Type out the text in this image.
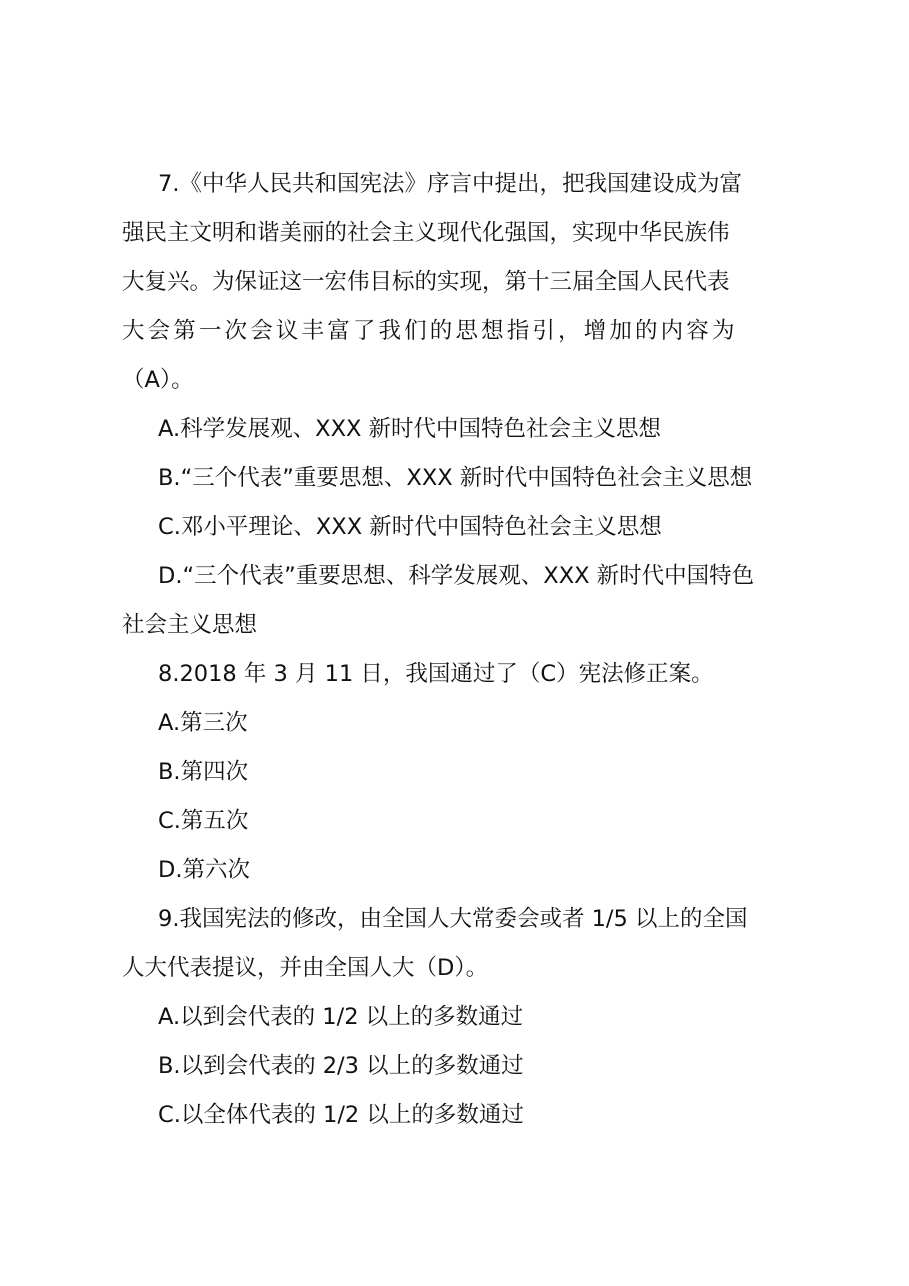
7.《中华人民共和国宪法》序言中提出，把我国建设成为富

强民主文明和谐美丽的社会主义现代化强国，实现中华民族伟

大复兴。为保证这一宏伟目标的实现，第十三届全国人民代表

大会第一次会议丰富了我们的思想指引，增加的内容为

（A）。

A.科学发展观、XXX 新时代中国特色社会主义思想

B.“三个代表”重要思想、XXX 新时代中国特色社会主义思想

C.邓小平理论、XXX 新时代中国特色社会主义思想

D.“三个代表”重要思想、科学发展观、XXX 新时代中国特色

社会主义思想

8.2018 年 3 月 11 日，我国通过了（C）宪法修正案。

A.第三次

B.第四次

C.第五次

D.第六次

9.我国宪法的修改，由全国人大常委会或者 1/5 以上的全国

人大代表提议，并由全国人大（D）。

A.以到会代表的 1/2 以上的多数通过

B.以到会代表的 2/3 以上的多数通过

C.以全体代表的 1/2 以上的多数通过
